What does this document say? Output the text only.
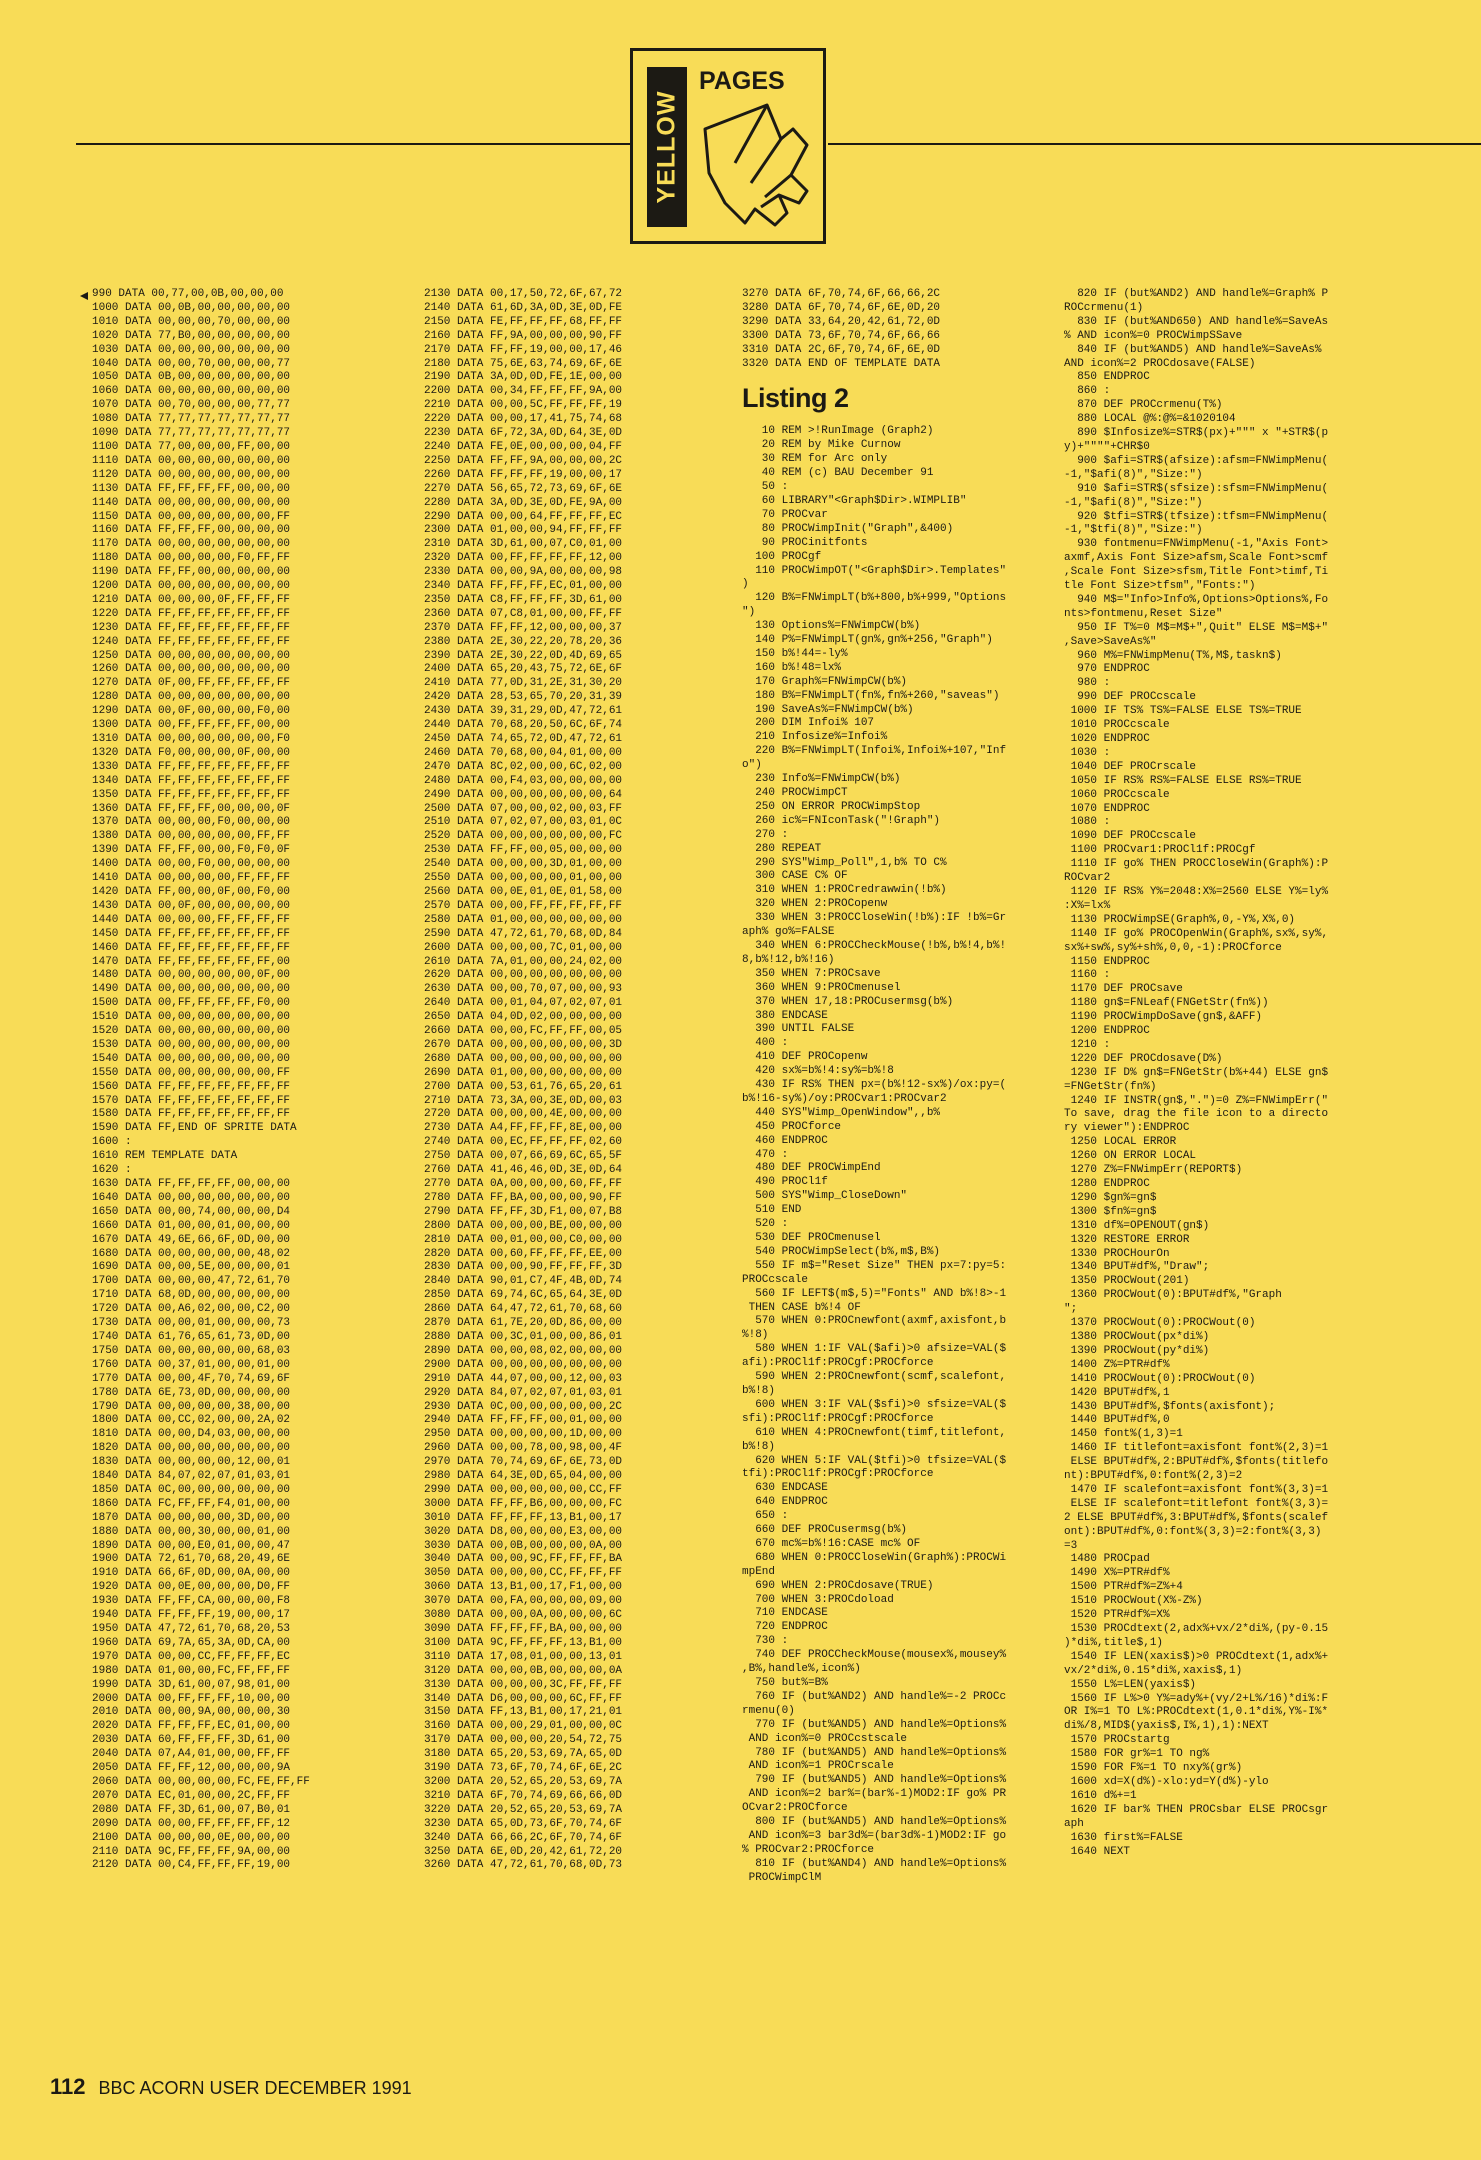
YELLOW
PAGES
990 DATA 00,77,00,0B,00,00,00
1000 DATA 00,0B,00,00,00,00,00
1010 DATA 00,00,00,70,00,00,00
1020 DATA 77,B0,00,00,00,00,00
1030 DATA 00,00,00,00,00,00,00
1040 DATA 00,00,70,00,00,00,77
1050 DATA 0B,00,00,00,00,00,00
1060 DATA 00,00,00,00,00,00,00
1070 DATA 00,70,00,00,00,77,77
1080 DATA 77,77,77,77,77,77,77
1090 DATA 77,77,77,77,77,77,77
1100 DATA 77,00,00,00,FF,00,00
1110 DATA 00,00,00,00,00,00,00
1120 DATA 00,00,00,00,00,00,00
1130 DATA FF,FF,FF,FF,00,00,00
1140 DATA 00,00,00,00,00,00,00
1150 DATA 00,00,00,00,00,00,FF
1160 DATA FF,FF,FF,00,00,00,00
1170 DATA 00,00,00,00,00,00,00
1180 DATA 00,00,00,00,F0,FF,FF
1190 DATA FF,FF,00,00,00,00,00
1200 DATA 00,00,00,00,00,00,00
1210 DATA 00,00,00,0F,FF,FF,FF
1220 DATA FF,FF,FF,FF,FF,FF,FF
1230 DATA FF,FF,FF,FF,FF,FF,FF
1240 DATA FF,FF,FF,FF,FF,FF,FF
1250 DATA 00,00,00,00,00,00,00
1260 DATA 00,00,00,00,00,00,00
1270 DATA 0F,00,FF,FF,FF,FF,FF
1280 DATA 00,00,00,00,00,00,00
1290 DATA 00,0F,00,00,00,F0,00
1300 DATA 00,FF,FF,FF,FF,00,00
1310 DATA 00,00,00,00,00,00,F0
1320 DATA F0,00,00,00,0F,00,00
1330 DATA FF,FF,FF,FF,FF,FF,FF
1340 DATA FF,FF,FF,FF,FF,FF,FF
1350 DATA FF,FF,FF,FF,FF,FF,FF
1360 DATA FF,FF,FF,00,00,00,0F
1370 DATA 00,00,00,F0,00,00,00
1380 DATA 00,00,00,00,00,FF,FF
1390 DATA FF,FF,00,00,F0,F0,0F
1400 DATA 00,00,F0,00,00,00,00
1410 DATA 00,00,00,00,FF,FF,FF
1420 DATA FF,00,00,0F,00,F0,00
1430 DATA 00,0F,00,00,00,00,00
1440 DATA 00,00,00,FF,FF,FF,FF
1450 DATA FF,FF,FF,FF,FF,FF,FF
1460 DATA FF,FF,FF,FF,FF,FF,FF
1470 DATA FF,FF,FF,FF,FF,FF,00
1480 DATA 00,00,00,00,00,0F,00
1490 DATA 00,00,00,00,00,00,00
1500 DATA 00,FF,FF,FF,FF,F0,00
1510 DATA 00,00,00,00,00,00,00
1520 DATA 00,00,00,00,00,00,00
1530 DATA 00,00,00,00,00,00,00
1540 DATA 00,00,00,00,00,00,00
1550 DATA 00,00,00,00,00,00,FF
1560 DATA FF,FF,FF,FF,FF,FF,FF
1570 DATA FF,FF,FF,FF,FF,FF,FF
1580 DATA FF,FF,FF,FF,FF,FF,FF
1590 DATA FF,END OF SPRITE DATA
1600 :
1610 REM TEMPLATE DATA
1620 :
1630 DATA FF,FF,FF,FF,00,00,00
1640 DATA 00,00,00,00,00,00,00
1650 DATA 00,00,74,00,00,00,D4
1660 DATA 01,00,00,01,00,00,00
1670 DATA 49,6E,66,6F,0D,00,00
1680 DATA 00,00,00,00,00,48,02
1690 DATA 00,00,5E,00,00,00,01
1700 DATA 00,00,00,47,72,61,70
1710 DATA 68,0D,00,00,00,00,00
1720 DATA 00,A6,02,00,00,C2,00
1730 DATA 00,00,01,00,00,00,73
1740 DATA 61,76,65,61,73,0D,00
1750 DATA 00,00,00,00,00,68,03
1760 DATA 00,37,01,00,00,01,00
1770 DATA 00,00,4F,70,74,69,6F
1780 DATA 6E,73,0D,00,00,00,00
1790 DATA 00,00,00,00,38,00,00
1800 DATA 00,CC,02,00,00,2A,02
1810 DATA 00,00,D4,03,00,00,00
1820 DATA 00,00,00,00,00,00,00
1830 DATA 00,00,00,00,12,00,01
1840 DATA 84,07,02,07,01,03,01
1850 DATA 0C,00,00,00,00,00,00
1860 DATA FC,FF,FF,F4,01,00,00
1870 DATA 00,00,00,00,3D,00,00
1880 DATA 00,00,30,00,00,01,00
1890 DATA 00,00,E0,01,00,00,47
1900 DATA 72,61,70,68,20,49,6E
1910 DATA 66,6F,0D,00,0A,00,00
1920 DATA 00,0E,00,00,00,D0,FF
1930 DATA FF,FF,CA,00,00,00,F8
1940 DATA FF,FF,FF,19,00,00,17
1950 DATA 47,72,61,70,68,20,53
1960 DATA 69,7A,65,3A,0D,CA,00
1970 DATA 00,00,CC,FF,FF,FF,EC
1980 DATA 01,00,00,FC,FF,FF,FF
1990 DATA 3D,61,00,07,98,01,00
2000 DATA 00,FF,FF,FF,10,00,00
2010 DATA 00,00,9A,00,00,00,30
2020 DATA FF,FF,FF,EC,01,00,00
2030 DATA 60,FF,FF,FF,3D,61,00
2040 DATA 07,A4,01,00,00,FF,FF
2050 DATA FF,FF,12,00,00,00,9A
2060 DATA 00,00,00,00,FC,FE,FF,FF
2070 DATA EC,01,00,00,2C,FF,FF
2080 DATA FF,3D,61,00,07,B0,01
2090 DATA 00,00,FF,FF,FF,FF,12
2100 DATA 00,00,00,0E,00,00,00
2110 DATA 9C,FF,FF,FF,9A,00,00
2120 DATA 00,C4,FF,FF,FF,19,00
2130 DATA 00,17,50,72,6F,67,72
2140 DATA 61,6D,3A,0D,3E,0D,FE
2150 DATA FE,FF,FF,FF,68,FF,FF
2160 DATA FF,9A,00,00,00,90,FF
2170 DATA FF,FF,19,00,00,17,46
2180 DATA 75,6E,63,74,69,6F,6E
2190 DATA 3A,0D,0D,FE,1E,00,00
2200 DATA 00,34,FF,FF,FF,9A,00
2210 DATA 00,00,5C,FF,FF,FF,19
2220 DATA 00,00,17,41,75,74,68
2230 DATA 6F,72,3A,0D,64,3E,0D
2240 DATA FE,0E,00,00,00,04,FF
2250 DATA FF,FF,9A,00,00,00,2C
2260 DATA FF,FF,FF,19,00,00,17
2270 DATA 56,65,72,73,69,6F,6E
2280 DATA 3A,0D,3E,0D,FE,9A,00
2290 DATA 00,00,64,FF,FF,FF,EC
2300 DATA 01,00,00,94,FF,FF,FF
2310 DATA 3D,61,00,07,C0,01,00
2320 DATA 00,FF,FF,FF,FF,12,00
2330 DATA 00,00,9A,00,00,00,98
2340 DATA FF,FF,FF,EC,01,00,00
2350 DATA C8,FF,FF,FF,3D,61,00
2360 DATA 07,C8,01,00,00,FF,FF
2370 DATA FF,FF,12,00,00,00,37
2380 DATA 2E,30,22,20,78,20,36
2390 DATA 2E,30,22,0D,4D,69,65
2400 DATA 65,20,43,75,72,6E,6F
2410 DATA 77,0D,31,2E,31,30,20
2420 DATA 28,53,65,70,20,31,39
2430 DATA 39,31,29,0D,47,72,61
2440 DATA 70,68,20,50,6C,6F,74
2450 DATA 74,65,72,0D,47,72,61
2460 DATA 70,68,00,04,01,00,00
2470 DATA 8C,02,00,00,6C,02,00
2480 DATA 00,F4,03,00,00,00,00
2490 DATA 00,00,00,00,00,00,64
2500 DATA 07,00,00,02,00,03,FF
2510 DATA 07,02,07,00,03,01,0C
2520 DATA 00,00,00,00,00,00,FC
2530 DATA FF,FF,00,05,00,00,00
2540 DATA 00,00,00,3D,01,00,00
2550 DATA 00,00,00,00,01,00,00
2560 DATA 00,0E,01,0E,01,58,00
2570 DATA 00,00,FF,FF,FF,FF,FF
2580 DATA 01,00,00,00,00,00,00
2590 DATA 47,72,61,70,68,0D,84
2600 DATA 00,00,00,7C,01,00,00
2610 DATA 7A,01,00,00,24,02,00
2620 DATA 00,00,00,00,00,00,00
2630 DATA 00,00,70,07,00,00,93
2640 DATA 00,01,04,07,02,07,01
2650 DATA 04,0D,02,00,00,00,00
2660 DATA 00,00,FC,FF,FF,00,05
2670 DATA 00,00,00,00,00,00,3D
2680 DATA 00,00,00,00,00,00,00
2690 DATA 01,00,00,00,00,00,00
2700 DATA 00,53,61,76,65,20,61
2710 DATA 73,3A,00,3E,0D,00,03
2720 DATA 00,00,00,4E,00,00,00
2730 DATA A4,FF,FF,FF,8E,00,00
2740 DATA 00,EC,FF,FF,FF,02,60
2750 DATA 00,07,66,69,6C,65,5F
2760 DATA 41,46,46,0D,3E,0D,64
2770 DATA 0A,00,00,00,60,FF,FF
2780 DATA FF,BA,00,00,00,90,FF
2790 DATA FF,FF,3D,F1,00,07,B8
2800 DATA 00,00,00,BE,00,00,00
2810 DATA 00,01,00,00,C0,00,00
2820 DATA 00,60,FF,FF,FF,EE,00
2830 DATA 00,00,90,FF,FF,FF,3D
2840 DATA 90,01,C7,4F,4B,0D,74
2850 DATA 69,74,6C,65,64,3E,0D
2860 DATA 64,47,72,61,70,68,60
2870 DATA 61,7E,20,0D,86,00,00
2880 DATA 00,3C,01,00,00,86,01
2890 DATA 00,00,08,02,00,00,00
2900 DATA 00,00,00,00,00,00,00
2910 DATA 44,07,00,00,12,00,03
2920 DATA 84,07,02,07,01,03,01
2930 DATA 0C,00,00,00,00,00,2C
2940 DATA FF,FF,FF,00,01,00,00
2950 DATA 00,00,00,00,1D,00,00
2960 DATA 00,00,78,00,98,00,4F
2970 DATA 70,74,69,6F,6E,73,0D
2980 DATA 64,3E,0D,65,04,00,00
2990 DATA 00,00,00,00,00,CC,FF
3000 DATA FF,FF,B6,00,00,00,FC
3010 DATA FF,FF,FF,13,B1,00,17
3020 DATA D8,00,00,00,E3,00,00
3030 DATA 00,0B,00,00,00,0A,00
3040 DATA 00,00,9C,FF,FF,FF,BA
3050 DATA 00,00,00,CC,FF,FF,FF
3060 DATA 13,B1,00,17,F1,00,00
3070 DATA 00,FA,00,00,00,09,00
3080 DATA 00,00,0A,00,00,00,6C
3090 DATA FF,FF,FF,BA,00,00,00
3100 DATA 9C,FF,FF,FF,13,B1,00
3110 DATA 17,08,01,00,00,13,01
3120 DATA 00,00,0B,00,00,00,0A
3130 DATA 00,00,00,3C,FF,FF,FF
3140 DATA D6,00,00,00,6C,FF,FF
3150 DATA FF,13,B1,00,17,21,01
3160 DATA 00,00,29,01,00,00,0C
3170 DATA 00,00,00,20,54,72,75
3180 DATA 65,20,53,69,7A,65,0D
3190 DATA 73,6F,70,74,6F,6E,2C
3200 DATA 20,52,65,20,53,69,7A
3210 DATA 6F,70,74,69,66,66,0D
3220 DATA 20,52,65,20,53,69,7A
3230 DATA 65,0D,73,6F,70,74,6F
3240 DATA 66,66,2C,6F,70,74,6F
3250 DATA 6E,0D,20,42,61,72,20
3260 DATA 47,72,61,70,68,0D,73
3270 DATA 6F,70,74,6F,66,66,2C
3280 DATA 6F,70,74,6F,6E,0D,20
3290 DATA 33,64,20,42,61,72,0D
3300 DATA 73,6F,70,74,6F,66,66
3310 DATA 2C,6F,70,74,6F,6E,0D
3320 DATA END OF TEMPLATE DATA
Listing 2
10 REM >!RunImage (Graph2)
20 REM by Mike Curnow
30 REM for Arc only
40 REM (c) BAU December 91
50 :
60 LIBRARY"<Graph$Dir>.WIMPLIB"
70 PROCvar
80 PROCWimpInit("Graph",&400)
90 PROCinitfonts
100 PROCgf
110 PROCWimpOT("<Graph$Dir>.Templates"
)
120 B%=FNWimpLT(b%+800,b%+999,"Options
")
130 Options%=FNWimpCW(b%)
140 P%=FNWimpLT(gn%,gn%+256,"Graph")
150 b%!44=-ly%
160 b%!48=lx%
170 Graph%=FNWimpCW(b%)
180 B%=FNWimpLT(fn%,fn%+260,"saveas")
190 SaveAs%=FNWimpCW(b%)
200 DIM Infoi% 107
210 Infosize%=Infoi%
220 B%=FNWimpLT(Infoi%,Infoi%+107,"Inf
o")
230 Info%=FNWimpCW(b%)
240 PROCWimpCT
250 ON ERROR PROCWimpStop
260 ic%=FNIconTask("!Graph")
270 :
280 REPEAT
290 SYS"Wimp_Poll",1,b% TO C%
300 CASE C% OF
310 WHEN 1:PROCredrawwin(!b%)
320 WHEN 2:PROCopenw
330 WHEN 3:PROCCloseWin(!b%):IF !b%=Gr
aph% go%=FALSE
340 WHEN 6:PROCCheckMouse(!b%,b%!4,b%!
8,b%!12,b%!16)
350 WHEN 7:PROCsave
360 WHEN 9:PROCmenusel
370 WHEN 17,18:PROCusermsg(b%)
380 ENDCASE
390 UNTIL FALSE
400 :
410 DEF PROCopenw
420 sx%=b%!4:sy%=b%!8
430 IF RS% THEN px=(b%!12-sx%)/ox:py=(
b%!16-sy%)/oy:PROCvar1:PROCvar2
440 SYS"Wimp_OpenWindow",,b%
450 PROCforce
460 ENDPROC
470 :
480 DEF PROCWimpEnd
490 PROCl1f
500 SYS"Wimp_CloseDown"
510 END
520 :
530 DEF PROCmenusel
540 PROCWimpSelect(b%,m$,B%)
550 IF m$="Reset Size" THEN px=7:py=5:
PROCcscale
560 IF LEFT$(m$,5)="Fonts" AND b%!8>-1
THEN CASE b%!4 OF
570 WHEN 0:PROCnewfont(axmf,axisfont,b
%!8)
580 WHEN 1:IF VAL($afi)>0 afsize=VAL($
afi):PROCl1f:PROCgf:PROCforce
590 WHEN 2:PROCnewfont(scmf,scalefont,
b%!8)
600 WHEN 3:IF VAL($sfi)>0 sfsize=VAL($
sfi):PROCl1f:PROCgf:PROCforce
610 WHEN 4:PROCnewfont(timf,titlefont,
b%!8)
620 WHEN 5:IF VAL($tfi)>0 tfsize=VAL($
tfi):PROCl1f:PROCgf:PROCforce
630 ENDCASE
640 ENDPROC
650 :
660 DEF PROCusermsg(b%)
670 mc%=b%!16:CASE mc% OF
680 WHEN 0:PROCCloseWin(Graph%):PROCWi
mpEnd
690 WHEN 2:PROCdosave(TRUE)
700 WHEN 3:PROCdoload
710 ENDCASE
720 ENDPROC
730 :
740 DEF PROCCheckMouse(mousex%,mousey%
,B%,handle%,icon%)
750 but%=B%
760 IF (but%AND2) AND handle%=-2 PROCc
rmenu(0)
770 IF (but%AND5) AND handle%=Options%
AND icon%=0 PROCcstscale
780 IF (but%AND5) AND handle%=Options%
AND icon%=1 PROCrscale
790 IF (but%AND5) AND handle%=Options%
AND icon%=2 bar%=(bar%-1)MOD2:IF go% PR
OCvar2:PROCforce
800 IF (but%AND5) AND handle%=Options%
AND icon%=3 bar3d%=(bar3d%-1)MOD2:IF go
% PROCvar2:PROCforce
810 IF (but%AND4) AND handle%=Options%
PROCWimpClM
820 IF (but%AND2) AND handle%=Graph% P
ROCcrmenu(1)
830 IF (but%AND650) AND handle%=SaveAs
% AND icon%=0 PROCWimpSSave
840 IF (but%AND5) AND handle%=SaveAs%
AND icon%=2 PROCdosave(FALSE)
850 ENDPROC
860 :
870 DEF PROCcrmenu(T%)
880 LOCAL @%:@%=&1020104
890 $Infosize%=STR$(px)+""" x "+STR$(p
y)+""""+CHR$0
900 $afi=STR$(afsize):afsm=FNWimpMenu(
-1,"$afi(8)","Size:")
910 $afi=STR$(sfsize):sfsm=FNWimpMenu(
-1,"$afi(8)","Size:")
920 $tfi=STR$(tfsize):tfsm=FNWimpMenu(
-1,"$tfi(8)","Size:")
930 fontmenu=FNWimpMenu(-1,"Axis Font>
axmf,Axis Font Size>afsm,Scale Font>scmf
,Scale Font Size>sfsm,Title Font>timf,Ti
tle Font Size>tfsm","Fonts:")
940 M$="Info>Info%,Options>Options%,Fo
nts>fontmenu,Reset Size"
950 IF T%=0 M$=M$+",Quit" ELSE M$=M$+"
,Save>SaveAs%"
960 M%=FNWimpMenu(T%,M$,taskn$)
970 ENDPROC
980 :
990 DEF PROCcscale
1000 IF TS% TS%=FALSE ELSE TS%=TRUE
1010 PROCcscale
1020 ENDPROC
1030 :
1040 DEF PROCrscale
1050 IF RS% RS%=FALSE ELSE RS%=TRUE
1060 PROCcscale
1070 ENDPROC
1080 :
1090 DEF PROCcscale
1100 PROCvar1:PROCl1f:PROCgf
1110 IF go% THEN PROCCloseWin(Graph%):P
ROCvar2
1120 IF RS% Y%=2048:X%=2560 ELSE Y%=ly%
:X%=lx%
1130 PROCWimpSE(Graph%,0,-Y%,X%,0)
1140 IF go% PROCOpenWin(Graph%,sx%,sy%,
sx%+sw%,sy%+sh%,0,0,-1):PROCforce
1150 ENDPROC
1160 :
1170 DEF PROCsave
1180 gn$=FNLeaf(FNGetStr(fn%))
1190 PROCWimpDoSave(gn$,&AFF)
1200 ENDPROC
1210 :
1220 DEF PROCdosave(D%)
1230 IF D% gn$=FNGetStr(b%+44) ELSE gn$
=FNGetStr(fn%)
1240 IF INSTR(gn$,".")=0 Z%=FNWimpErr("
To save, drag the file icon to a directo
ry viewer"):ENDPROC
1250 LOCAL ERROR
1260 ON ERROR LOCAL
1270 Z%=FNWimpErr(REPORT$)
1280 ENDPROC
1290 $gn%=gn$
1300 $fn%=gn$
1310 df%=OPENOUT(gn$)
1320 RESTORE ERROR
1330 PROCHourOn
1340 BPUT#df%,"Draw";
1350 PROCWout(201)
1360 PROCWout(0):BPUT#df%,"Graph
";
1370 PROCWout(0):PROCWout(0)
1380 PROCWout(px*di%)
1390 PROCWout(py*di%)
1400 Z%=PTR#df%
1410 PROCWout(0):PROCWout(0)
1420 BPUT#df%,1
1430 BPUT#df%,$fonts(axisfont);
1440 BPUT#df%,0
1450 font%(1,3)=1
1460 IF titlefont=axisfont font%(2,3)=1
ELSE BPUT#df%,2:BPUT#df%,$fonts(titlefo
nt):BPUT#df%,0:font%(2,3)=2
1470 IF scalefont=axisfont font%(3,3)=1
ELSE IF scalefont=titlefont font%(3,3)=
2 ELSE BPUT#df%,3:BPUT#df%,$fonts(scalef
ont):BPUT#df%,0:font%(3,3)=2:font%(3,3)
=3
1480 PROCpad
1490 X%=PTR#df%
1500 PTR#df%=Z%+4
1510 PROCWout(X%-Z%)
1520 PTR#df%=X%
1530 PROCdtext(2,adx%+vx/2*di%,(py-0.15
)*di%,title$,1)
1540 IF LEN(xaxis$)>0 PROCdtext(1,adx%+
vx/2*di%,0.15*di%,xaxis$,1)
1550 L%=LEN(yaxis$)
1560 IF L%>0 Y%=ady%+(vy/2+L%/16)*di%:F
OR I%=1 TO L%:PROCdtext(1,0.1*di%,Y%-I%*
di%/8,MID$(yaxis$,I%,1),1):NEXT
1570 PROCstartg
1580 FOR gr%=1 TO ng%
1590 FOR F%=1 TO nxy%(gr%)
1600 xd=X(d%)-xlo:yd=Y(d%)-ylo
1610 d%+=1
1620 IF bar% THEN PROCsbar ELSE PROCsgr
aph
1630 first%=FALSE
1640 NEXT
112 BBC ACORN USER DECEMBER 1991
